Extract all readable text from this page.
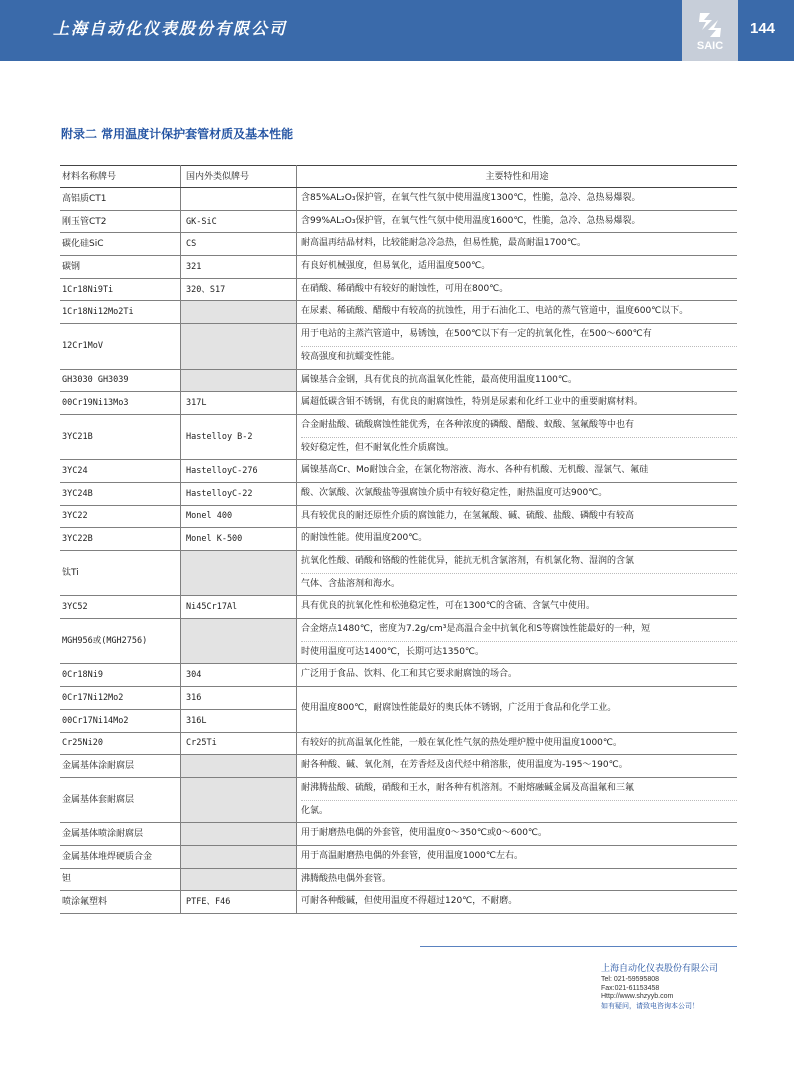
上海自动化仪表股份有限公司
SAIC
144
附录二 常用温度计保护套管材质及基本性能
材料名称牌号	国内外类似牌号	主要特性和用途
高铝质CT1		含85%AL₂O₃保护管，在氧气性气氛中使用温度1300℃，性脆，急冷、急热易爆裂。

刚玉管CT2	GK-SiC	含99%AL₂O₃保护管，在氧气性气氛中使用温度1600℃，性脆，急冷、急热易爆裂。

碳化硅SiC	CS	耐高温再结晶材料，比较能耐急冷急热，但易性脆，最高耐温1700℃。

碳钢	321	有良好机械强度，但易氧化，适用温度500℃。

1Cr18Ni9Ti	320、S17	在硝酸、稀硝酸中有较好的耐蚀性，可用在800℃。

1Cr18Ni12Mo2Ti		在尿素、稀硫酸、醋酸中有较高的抗蚀性，用于石油化工、电站的蒸气管道中，温度600℃以下。

12Cr1MoV		用于电站的主蒸汽管道中，易锈蚀，在500℃以下有一定的抗氧化性，在500～600℃有
较高强度和抗蠕变性能。

GH3030 GH3039		属镍基合金钢，具有优良的抗高温氧化性能，最高使用温度1100℃。

00Cr19Ni13Mo3	317L	属超低碳含钼不锈钢，有优良的耐腐蚀性，特别是尿素和化纤工业中的重要耐腐材料。

3YC21B	Hastelloy B-2	合金耐盐酸、硫酸腐蚀性能优秀，在各种浓度的磷酸、醋酸、蚁酸、氢氟酸等中也有
较好稳定性，但不耐氧化性介质腐蚀。

3YC24	HastelloyC-276	属镍基高Cr、Mo耐蚀合金，在氯化物溶液、海水、各种有机酸、无机酸、湿氯气、氟硅

3YC24B	HastelloyC-22	酸、次氯酸、次氯酸盐等强腐蚀介质中有较好稳定性，耐热温度可达900℃。

3YC22	Monel 400	具有较优良的耐还原性介质的腐蚀能力，在氢氟酸、碱、硫酸、盐酸、磷酸中有较高

3YC22B	Monel K-500	的耐蚀性能。使用温度200℃。

钛Ti		抗氧化性酸、硝酸和铬酸的性能优异，能抗无机含氯溶剂，有机氯化物、湿润的含氯
气体、含盐溶剂和海水。

3YC52	Ni45Cr17Al	具有优良的抗氧化性和松弛稳定性，可在1300℃的含硫、含氯气中使用。

MGH956或(MGH2756)		合金熔点1480℃，密度为7.2g/cm³是高温合金中抗氧化和S等腐蚀性能最好的一种，短
时使用温度可达1400℃，长期可达1350℃。

0Cr18Ni9	304	广泛用于食品、饮料、化工和其它要求耐腐蚀的场合。

0Cr17Ni12Mo2	316	使用温度800℃，耐腐蚀性能最好的奥氏体不锈钢，广泛用于食品和化学工业。

00Cr17Ni14Mo2	316L	
Cr25Ni20	Cr25Ti	有较好的抗高温氧化性能，一般在氧化性气氛的热处理炉膛中使用温度1000℃。

金属基体涂耐腐层		耐各种酸、碱、氧化剂，在芳香烃及卤代烃中稍溶胀，使用温度为-195～190℃。

金属基体套耐腐层		耐沸腾盐酸、硫酸，硝酸和王水，耐各种有机溶剂。不耐熔融碱金属及高温氟和三氟
化氯。

金属基体喷涂耐腐层		用于耐磨热电偶的外套管，使用温度0～350℃或0～600℃。

金属基体堆焊硬质合金		用于高温耐磨热电偶的外套管，使用温度1000℃左右。

钽		沸腾酸热电偶外套管。

喷涂氟塑料	PTFE、F46	可耐各种酸碱，但使用温度不得超过120℃，不耐磨。
上海自动化仪表股份有限公司
Tel: 021-59595808
Fax:021-61153458
Http://www.shzyyb.com
如有疑问，请致电咨询本公司！
